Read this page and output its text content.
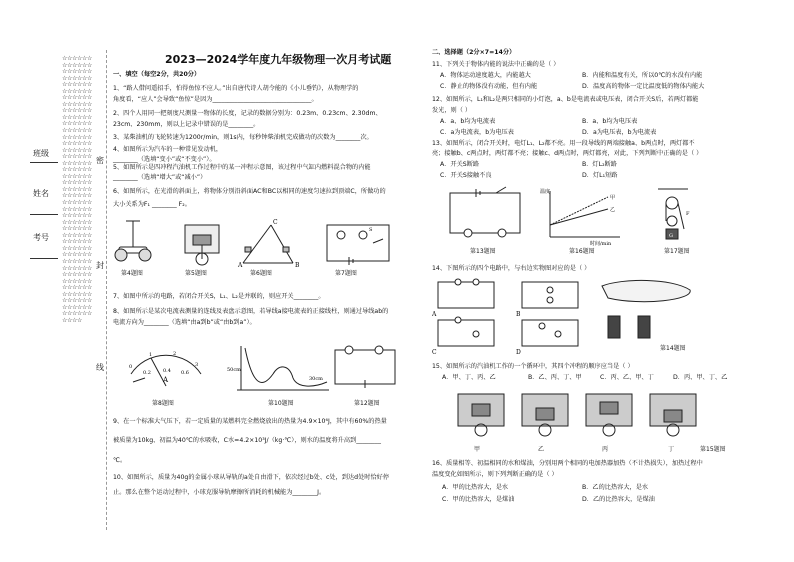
☆☆☆☆☆☆☆☆☆☆☆☆☆☆☆☆☆☆☆☆☆☆☆☆☆☆☆☆☆☆☆☆☆☆☆☆☆☆☆☆☆☆☆☆☆☆☆☆☆☆☆☆☆☆☆☆☆☆☆☆☆☆☆☆☆☆☆☆☆☆☆☆☆☆☆☆☆☆☆☆☆☆☆☆☆☆☆☆☆☆☆☆☆☆☆☆☆☆☆☆☆☆☆☆☆☆☆☆☆☆☆☆☆☆☆☆☆☆☆☆☆☆☆☆☆☆☆☆☆☆☆☆☆☆☆☆☆☆☆☆☆☆☆☆☆☆☆☆☆☆☆☆☆☆☆☆☆☆☆☆☆☆☆☆☆☆☆☆☆☆☆☆☆☆☆☆☆☆☆☆☆☆☆☆☆☆☆☆☆☆☆☆☆☆☆☆☆☆☆☆☆☆☆☆☆☆☆☆☆☆☆☆☆☆☆☆☆☆☆☆☆☆☆☆☆☆☆☆☆☆☆☆☆☆☆☆☆☆☆☆☆☆☆☆
班级
姓名
考号
密
封
线
2023—2024学年度九年级物理一次月考试题
一、填空（每空2分，共20分）
1、“路人借问遥招手，怕得鱼惊不应人。”出自唐代诗人胡令能的《小儿垂钓》，从物理学的
角度看，“应人”会导致“鱼惊”是因为________________________________。
2、四个人用同一把刻度尺测量一物体的长度，记录的数据分别为：0.23m、0.23cm、2.30dm、
23cm、230mm，则以上记录中错误的是________。
3、某柴油机的飞轮转速为1200r/min，则1s内，每秒钟柴油机完成做功的次数为________次。
4、如图所示为汽车的一种常见发动机，
________（选填“变小”或“不变小”）。
5、如图所示是四冲程汽油机工作过程中的某一冲程示意图，该过程中气缸内燃料混合物的内能
________（选填“增大”或“减小”）
6、如图所示，在光滑的斜面上，将物体分别沿斜面AC和BC以相同的速度匀速拉到顶端C，所做功的
大小关系为F₁ ________ F₂。
A
C
B
S
第4题图	第5题图	第6题图	第7题图
7、如图中所示的电路，若闭合开关S，L₁、L₂是并联的，则应开关________。
8、如图所示是某次电流表测量的连线及表盘示意图，若导线a接电流表的正接线柱，则通过导线ab的
电流方向为________（选填“由a到b”或“由b到a”）。
0
1	2
3
0.2 0.4 0.6
A
50cm
30cm
第8题图	第10题图	第12题图
9、在一个标准大气压下，若一定质量的某燃料完全燃烧放出的热量为4.9×10⁶J，其中有60%的热量
被质量为10kg、初温为40℃的水吸收，C水=4.2×10³J/（kg·℃），则水的温度将升高到________
℃。
10、如图所示，质量为40g的金属小球从导轨的a处自由滑下，依次经过b处、c处，到达d处时恰好停
止。那么在整个运动过程中，小球克服导轨摩擦所消耗的机械能为________J。
二、选择题（2分×7=14分）
11、下列关于物体内能的说法中正确的是（ ）
A．物体运动速度越大，内能越大	B．内能和温度有关，所以0℃的水没有内能
C．静止的物体没有动能，但有内能	D．温度高的物体一定比温度低的物体内能大
12、如图所示，L₁和L₂是两只相同的小灯泡，a、b是电流表或电压表，闭合开关S后，若两灯都能
发光，则（ ）
A．a、b均为电流表	B．a、b均为电压表
C．a为电流表，b为电压表	D．a为电压表，b为电流表
13、如图所示，闭合开关时，电灯L₁、L₂都不亮。用一段导线的两端接触a、b两点时，两灯都不
亮；接触b、c两点时，两灯都不亮；接触c、d两点时，两灯都亮，对此，下列判断中正确的是（ ）
A．开关S断路	B．灯L₂断路
C．开关S接触不良	D．灯L₁短路
甲
乙
时间/min
温度
G
F
第13题图	第16题图	第17题图
14、下图所示的四个电路中，与右边实物图对应的是（ ）
A	B
C	D
第14题图
15、如图所示的汽油机工作的一个循环中，其四个冲程的顺序应当是（ ）
A．甲、丁、丙、乙	B．乙、丙、丁、甲	C．丙、乙、甲、丁	D．丙、甲、丁、乙
甲	乙	丙	丁	第15题图
16、质量相等、初温相同的水和煤油，分别用两个相同的电加热器加热（不计热损失），加热过程中
温度变化如图所示，则下列判断正确的是（ ）
A．甲的比热容大，是水	B．乙的比热容大，是水
C．甲的比热容大，是煤油	D．乙的比热容大，是煤油
